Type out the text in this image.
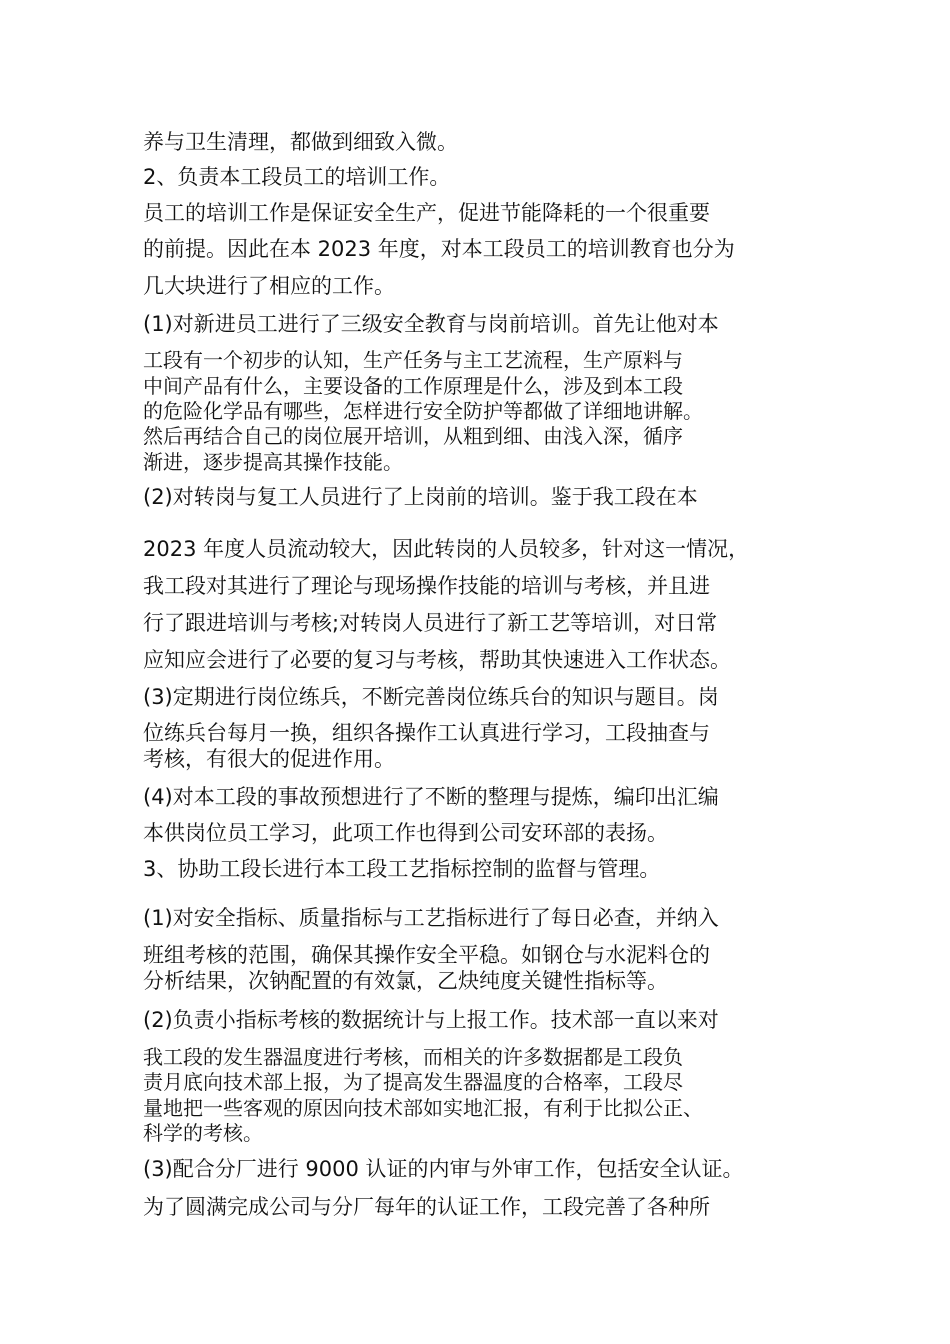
养与卫生清理，都做到细致入微。

2、负责本工段员工的培训工作。

员工的培训工作是保证安全生产，促进节能降耗的一个很重要

的前提。因此在本 2023 年度，对本工段员工的培训教育也分为

几大块进行了相应的工作。

(1)对新进员工进行了三级安全教育与岗前培训。首先让他对本

工段有一个初步的认知，生产任务与主工艺流程，生产原料与

中间产品有什么，主要设备的工作原理是什么，涉及到本工段

的危险化学品有哪些，怎样进行安全防护等都做了详细地讲解。

然后再结合自己的岗位展开培训，从粗到细、由浅入深，循序

渐进，逐步提高其操作技能。

(2)对转岗与复工人员进行了上岗前的培训。鉴于我工段在本

2023 年度人员流动较大，因此转岗的人员较多，针对这一情况，

我工段对其进行了理论与现场操作技能的培训与考核，并且进

行了跟进培训与考核;对转岗人员进行了新工艺等培训，对日常

应知应会进行了必要的复习与考核，帮助其快速进入工作状态。

(3)定期进行岗位练兵，不断完善岗位练兵台的知识与题目。岗

位练兵台每月一换，组织各操作工认真进行学习，工段抽查与

考核，有很大的促进作用。

(4)对本工段的事故预想进行了不断的整理与提炼，编印出汇编

本供岗位员工学习，此项工作也得到公司安环部的表扬。

3、协助工段长进行本工段工艺指标控制的监督与管理。

(1)对安全指标、质量指标与工艺指标进行了每日必查，并纳入

班组考核的范围，确保其操作安全平稳。如钢仓与水泥料仓的

分析结果，次钠配置的有效氯，乙炔纯度关键性指标等。

(2)负责小指标考核的数据统计与上报工作。技术部一直以来对

我工段的发生器温度进行考核，而相关的许多数据都是工段负

责月底向技术部上报，为了提高发生器温度的合格率，工段尽

量地把一些客观的原因向技术部如实地汇报，有利于比拟公正、

科学的考核。

(3)配合分厂进行 9000 认证的内审与外审工作，包括安全认证。

为了圆满完成公司与分厂每年的认证工作，工段完善了各种所
